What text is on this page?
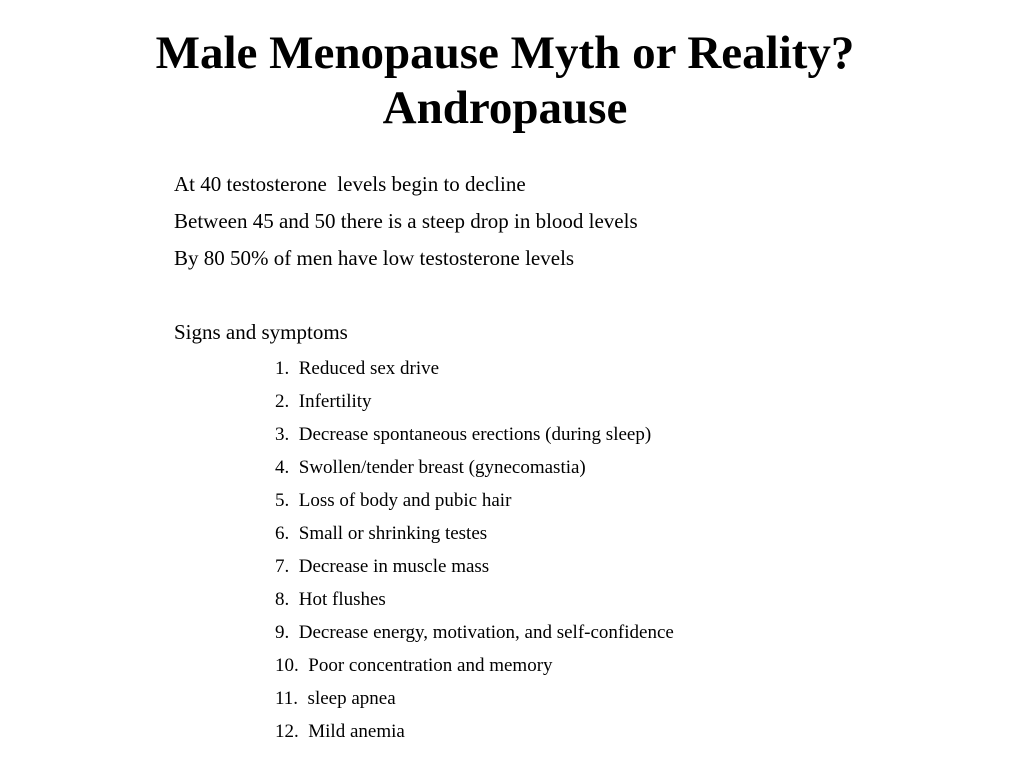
Male Menopause Myth or Reality?
Andropause
At 40 testosterone  levels begin to decline
Between 45 and 50 there is a steep drop in blood levels
By 80 50% of men have low testosterone levels
Signs and symptoms
1.  Reduced sex drive
2.  Infertility
3.  Decrease spontaneous erections (during sleep)
4.  Swollen/tender breast (gynecomastia)
5.  Loss of body and pubic hair
6.  Small or shrinking testes
7.  Decrease in muscle mass
8.  Hot flushes
9.  Decrease energy, motivation, and self-confidence
10.  Poor concentration and memory
11.  sleep apnea
12.  Mild anemia
